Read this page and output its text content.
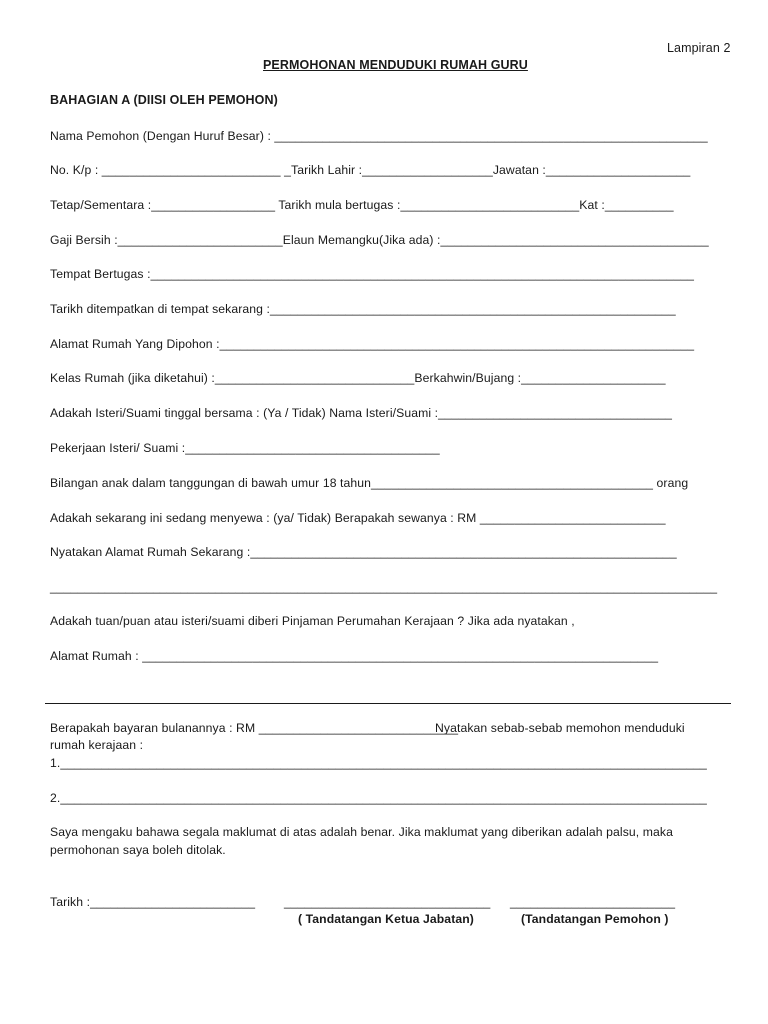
Lampiran 2
PERMOHONAN MENDUDUKI RUMAH GURU
BAHAGIAN A (DIISI OLEH PEMOHON)
Nama Pemohon (Dengan Huruf Besar) : _______________________________________________________________
No. K/p : __________________________ _Tarikh Lahir :___________________Jawatan :_____________________
Tetap/Sementara :__________________ Tarikh mula bertugas :__________________________Kat :__________
Gaji Bersih :________________________Elaun Memangku(Jika ada) :_______________________________________
Tempat Bertugas :_______________________________________________________________________________
Tarikh ditempatkan di tempat sekarang :___________________________________________________________
Alamat Rumah Yang Dipohon :_____________________________________________________________________
Kelas Rumah (jika diketahui) :_____________________________Berkahwin/Bujang :_____________________
Adakah Isteri/Suami tinggal bersama : (Ya / Tidak) Nama Isteri/Suami :__________________________________
Pekerjaan Isteri/ Suami :_____________________________________
Bilangan anak dalam tanggungan di bawah umur 18 tahun_________________________________________ orang
Adakah sekarang ini sedang menyewa : (ya/ Tidak) Berapakah sewanya : RM ___________________________
Nyatakan Alamat Rumah Sekarang :______________________________________________________________
_________________________________________________________________________________________________
Adakah tuan/puan atau isteri/suami diberi Pinjaman Perumahan Kerajaan ? Jika ada nyatakan ,
Alamat Rumah : ___________________________________________________________________________
Berapakah bayaran bulanannya : RM _____________________________
Nyatakan sebab-sebab memohon menduduki
rumah kerajaan :
1.______________________________________________________________________________________________
2.______________________________________________________________________________________________
Saya mengaku bahawa segala maklumat di atas adalah benar. Jika maklumat yang diberikan adalah palsu, maka
permohonan saya boleh ditolak.
Tarikh :________________________ ______________________________ ________________________
( Tandatangan Ketua Jabatan)	(Tandatangan Pemohon )
